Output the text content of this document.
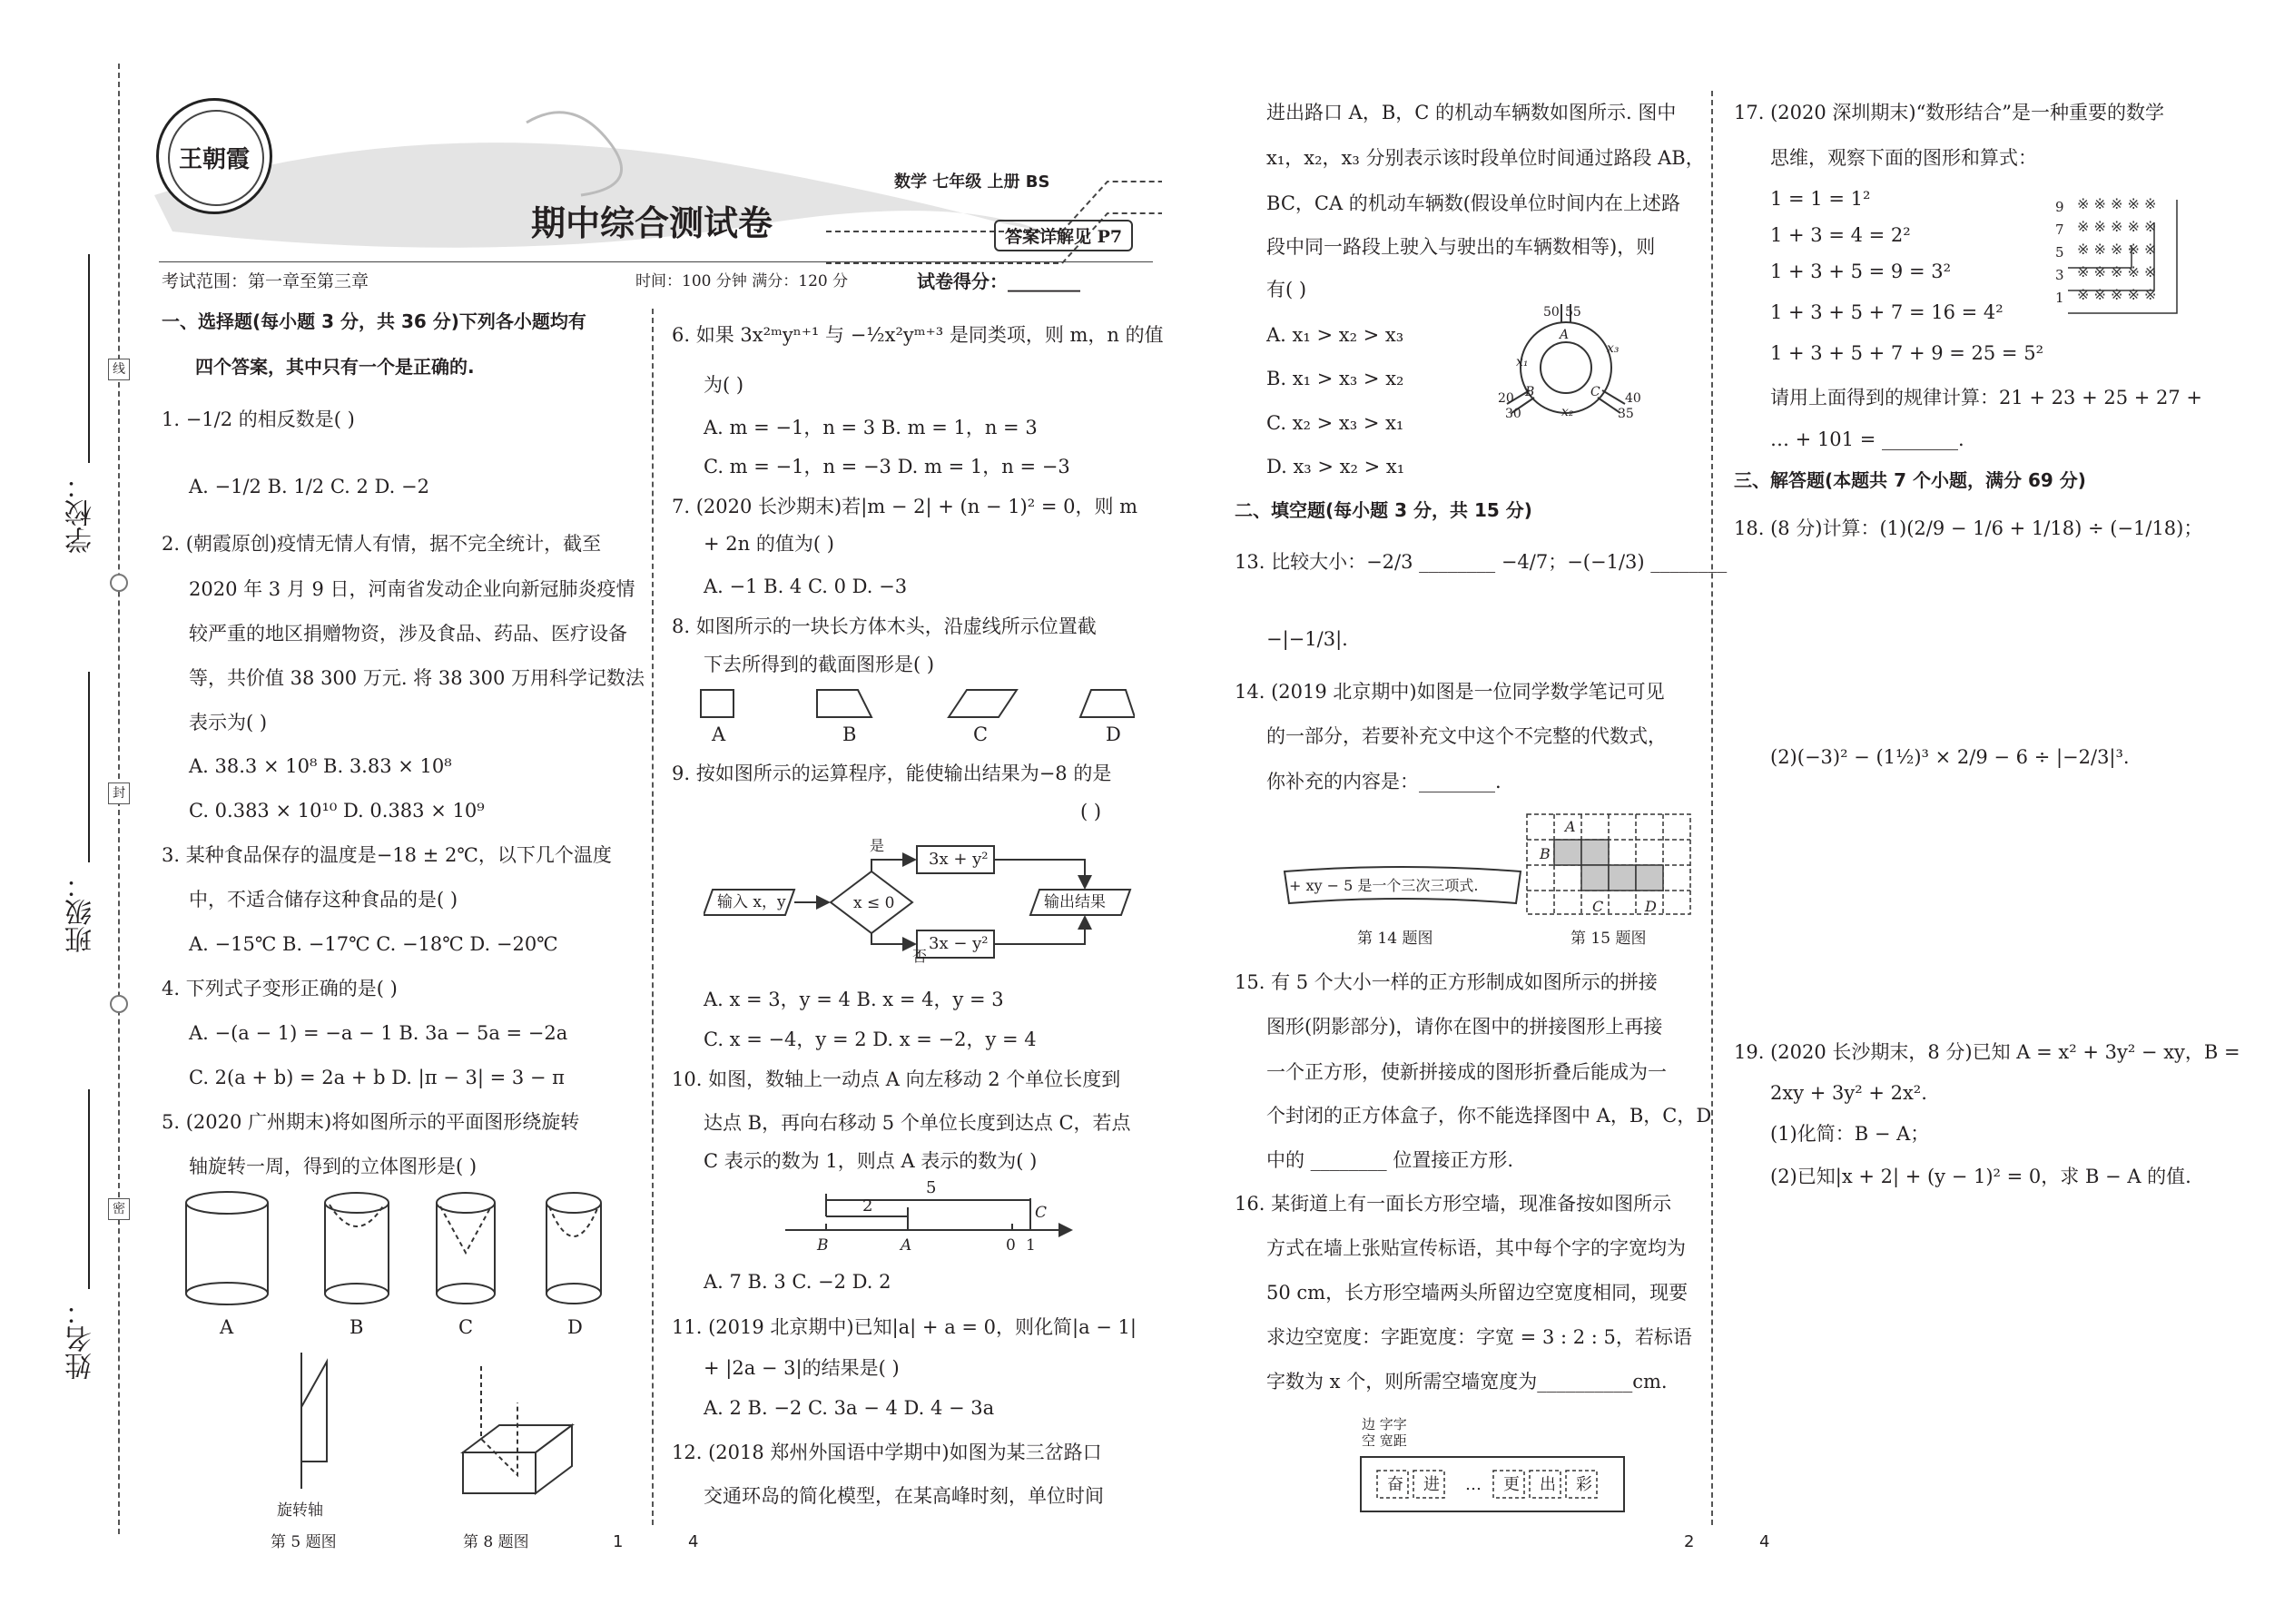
王朝霞
数学 七年级 上册 BS
期中综合测试卷	答案详解见 P7
考试范围：第一章至第三章	时间：100 分钟 满分：120 分	试卷得分：________
学校：
班级：
姓名：
线
封
密
一、选择题(每小题 3 分，共 36 分)下列各小题均有
四个答案，其中只有一个是正确的.
1. −1/2 的相反数是( )
A. −1/2 B. 1/2 C. 2 D. −2
2. (朝霞原创)疫情无情人有情，据不完全统计，截至
2020 年 3 月 9 日，河南省发动企业向新冠肺炎疫情
较严重的地区捐赠物资，涉及食品、药品、医疗设备
等，共价值 38 300 万元. 将 38 300 万用科学记数法
表示为( )
A. 38.3 × 10⁸ B. 3.83 × 10⁸
C. 0.383 × 10¹⁰ D. 0.383 × 10⁹
3. 某种食品保存的温度是−18 ± 2℃，以下几个温度
中，不适合储存这种食品的是( )
A. −15℃ B. −17℃ C. −18℃ D. −20℃
4. 下列式子变形正确的是( )
A. −(a − 1) = −a − 1 B. 3a − 5a = −2a
C. 2(a + b) = 2a + b D. |π − 3| = 3 − π
5. (2020 广州期末)将如图所示的平面图形绕旋转
轴旋转一周，得到的立体图形是( )
A	B	C	D
旋转轴
第 5 题图	第 8 题图
6. 如果 3x²ᵐyⁿ⁺¹ 与 −½x²yᵐ⁺³ 是同类项，则 m，n 的值
为( )
A. m = −1，n = 3 B. m = 1，n = 3
C. m = −1，n = −3 D. m = 1，n = −3
7. (2020 长沙期末)若|m − 2| + (n − 1)² = 0，则 m
+ 2n 的值为( )
A. −1 B. 4 C. 0 D. −3
8. 如图所示的一块长方体木头，沿虚线所示位置截
下去所得到的截面图形是( )
A	B	C	D
9. 按如图所示的运算程序，能使输出结果为−8 的是
( )
输入 x，y	x ≤ 0
是
否
3x + y²
3x − y²
输出结果
A. x = 3，y = 4 B. x = 4，y = 3
C. x = −4，y = 2 D. x = −2，y = 4
10. 如图，数轴上一动点 A 向左移动 2 个单位长度到
达点 B，再向右移动 5 个单位长度到达点 C，若点
C 表示的数为 1，则点 A 表示的数为( )
5
2
B	A	0 1
C
A. 7 B. 3 C. −2 D. 2
11. (2019 北京期中)已知|a| + a = 0，则化简|a − 1|
+ |2a − 3|的结果是( )
A. 2 B. −2 C. 3a − 4 D. 4 − 3a
12. (2018 郑州外国语中学期中)如图为某三岔路口
交通环岛的简化模型，在某高峰时刻，单位时间
进出路口 A，B，C 的机动车辆数如图所示. 图中
x₁，x₂，x₃ 分别表示该时段单位时间通过路段 AB，
BC，CA 的机动车辆数(假设单位时间内在上述路
段中同一路段上驶入与驶出的车辆数相等)，则
有( )
A. x₁ > x₂ > x₃
B. x₁ > x₃ > x₂
C. x₂ > x₃ > x₁
D. x₃ > x₂ > x₁
50 55
20
30
40
35
A
B	C
x₁
x₂
x₃
二、填空题(每小题 3 分，共 15 分)
13. 比较大小：−2/3 ________ −4/7；−(−1/3) ________
−|−1/3|.
14. (2019 北京期中)如图是一位同学数学笔记可见
的一部分，若要补充文中这个不完整的代数式，
你补充的内容是：________.
+ xy − 5 是一个三次三项式.
第 14 题图
A
B
C	D
第 15 题图
15. 有 5 个大小一样的正方形制成如图所示的拼接
图形(阴影部分)，请你在图中的拼接图形上再接
一个正方形，使新拼接成的图形折叠后能成为一
个封闭的正方体盒子，你不能选择图中 A，B，C，D
中的 ________ 位置接正方形.
16. 某街道上有一面长方形空墙，现准备按如图所示
方式在墙上张贴宣传标语，其中每个字的字宽均为
50 cm，长方形空墙两头所留边空宽度相同，现要
求边空宽度：字距宽度：字宽 = 3 : 2 : 5，若标语
字数为 x 个，则所需空墙宽度为__________cm.
边 字字
空 宽距
奋 进 … 更 出 彩
17. (2020 深圳期末)“数形结合”是一种重要的数学
思维，观察下面的图形和算式：
1 = 1 = 1²
1 + 3 = 4 = 2²
1 + 3 + 5 = 9 = 3²
1 + 3 + 5 + 7 = 16 = 4²
1 + 3 + 5 + 7 + 9 = 25 = 5²
※ ※ ※ ※ ※
※ ※ ※ ※ ※
※ ※ ※ ※ ※
※ ※ ※ ※ ※
※ ※ ※ ※ ※
9
7
5
3
1
请用上面得到的规律计算：21 + 23 + 25 + 27 +
… + 101 = ________.
三、解答题(本题共 7 个小题，满分 69 分)
18. (8 分)计算：(1)(2/9 − 1/6 + 1/18) ÷ (−1/18)；
(2)(−3)² − (1½)³ × 2/9 − 6 ÷ |−2/3|³.
19. (2020 长沙期末，8 分)已知 A = x² + 3y² − xy，B =
2xy + 3y² + 2x².
(1)化简：B − A；
(2)已知|x + 2| + (y − 1)² = 0，求 B − A 的值.
1	4	2	4
